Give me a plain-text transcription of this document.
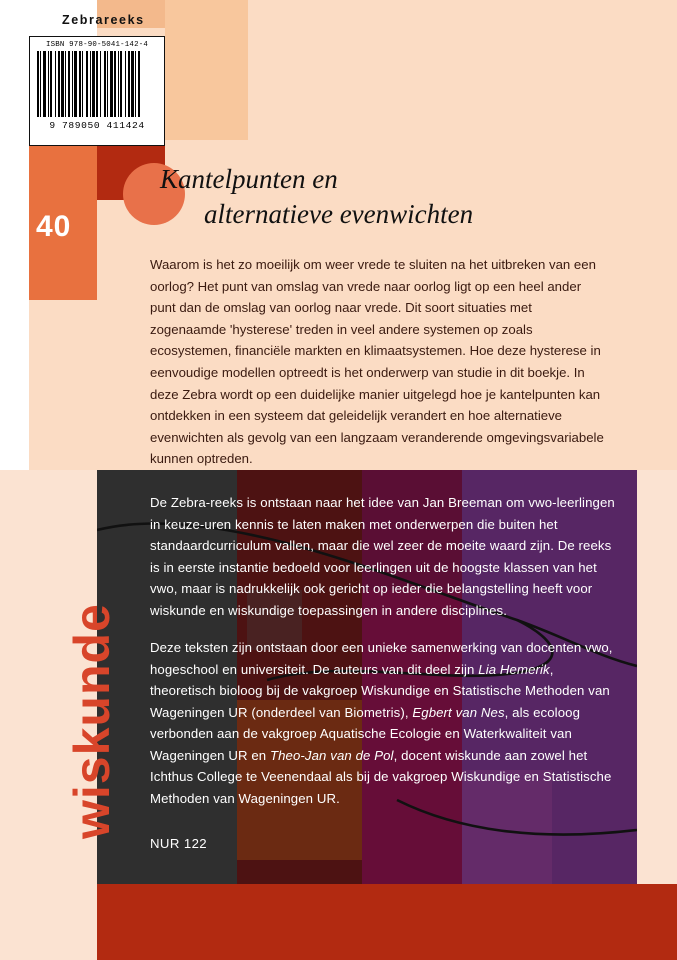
Zebrareeks
ISBN 978-90-5041-142-4
9 789050 411424
40
Kantelpunten en
alternatieve evenwichten
Waarom is het zo moeilijk om weer vrede te sluiten na het uitbreken van een oorlog? Het punt van omslag van vrede naar oorlog ligt op een heel ander punt dan de omslag van oorlog naar vrede. Dit soort situaties met zogenaamde 'hysterese' treden in veel andere systemen op zoals ecosystemen, financiële markten en klimaatsystemen. Hoe deze hysterese in eenvoudige modellen optreedt is het onderwerp van studie in dit boekje. In deze Zebra wordt op een duidelijke manier uitgelegd hoe je kantelpunten kan ontdekken in een systeem dat geleidelijk verandert en hoe alternatieve evenwichten als gevolg van een langzaam veranderende omgevingsvariabele kunnen optreden.

De Zebra-reeks is ontstaan naar het idee van Jan Breeman om vwo-leerlingen in keuze-uren kennis te laten maken met onderwerpen die buiten het standaardcurriculum vallen, maar die wel zeer de moeite waard zijn. De reeks is in eerste instantie bedoeld voor leerlingen uit de hoogste klassen van het vwo, maar is nadrukkelijk ook gericht op ieder die belangstelling heeft voor wiskunde en wiskundige toepassingen in andere disciplines.

Deze teksten zijn ontstaan door een unieke samenwerking van docenten vwo, hogeschool en universiteit. De auteurs van dit deel zijn Lia Hemerik, theoretisch bioloog bij de vakgroep Wiskundige en Statistische Methoden van Wageningen UR (onderdeel van Biometris), Egbert van Nes, als ecoloog verbonden aan de vakgroep Aquatische Ecologie en Waterkwaliteit van Wageningen UR en Theo-Jan van de Pol, docent wiskunde aan zowel het Ichthus College te Veenendaal als bij de vakgroep Wiskundige en Statistische Methoden van Wageningen UR.

NUR 122
wiskunde
